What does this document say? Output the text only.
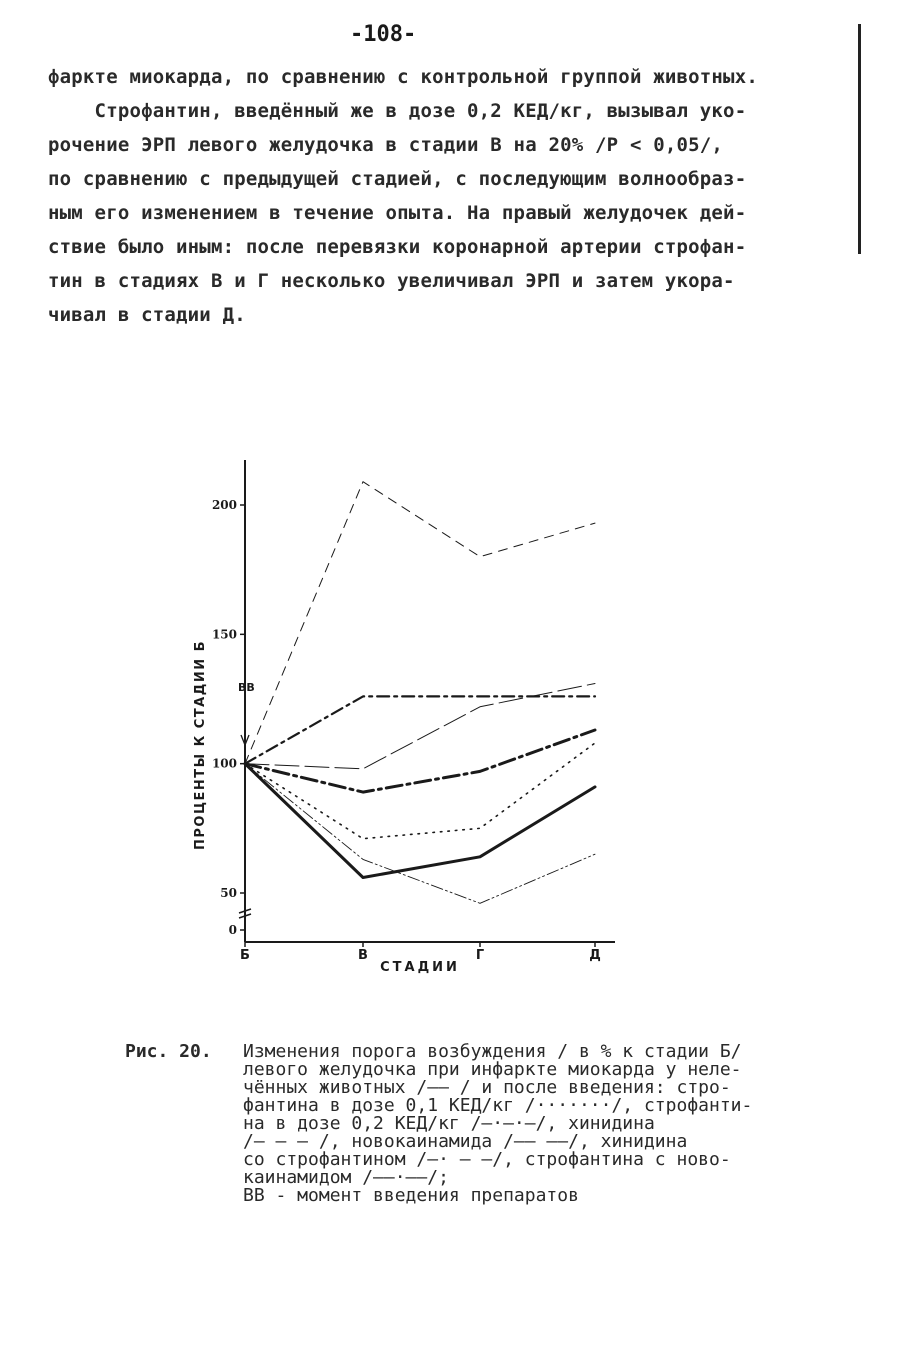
-108-
фаркте миокарда, по сравнению с контрольной группой животных.
Строфантин, введённый же в дозе 0,2 КЕД/кг, вызывал уко-
рочение ЭРП левого желудочка в стадии В на 20% /Р < 0,05/,
по сравнению с предыдущей стадией, с последующим волнообраз-
ным его изменением в течение опыта. На правый желудочек дей-
ствие было иным: после перевязки коронарной артерии строфан-
тин в стадиях В и Г несколько увеличивал ЭРП и затем укора-
чивал в стадии Д.
0
50
100
150
200
Б	В	Г	Д
СТАДИИ
ПРОЦЕНТЫ К СТАДИИ Б	ВВ
Рис. 20. Изменения порога возбуждения / в % к стадии Б/
левого желудочка при инфаркте миокарда у неле-
чённых животных /—— / и после введения: стро-
фантина в дозе 0,1 КЕД/кг /·······/, строфанти-
на в дозе 0,2 КЕД/кг /—·—·—/, хинидина
/— — — /, новокаинамида /—— ——/, хинидина
со строфантином /—· — —/, строфантина с ново-
каинамидом /——·——/;
ВВ - момент введения препаратов
